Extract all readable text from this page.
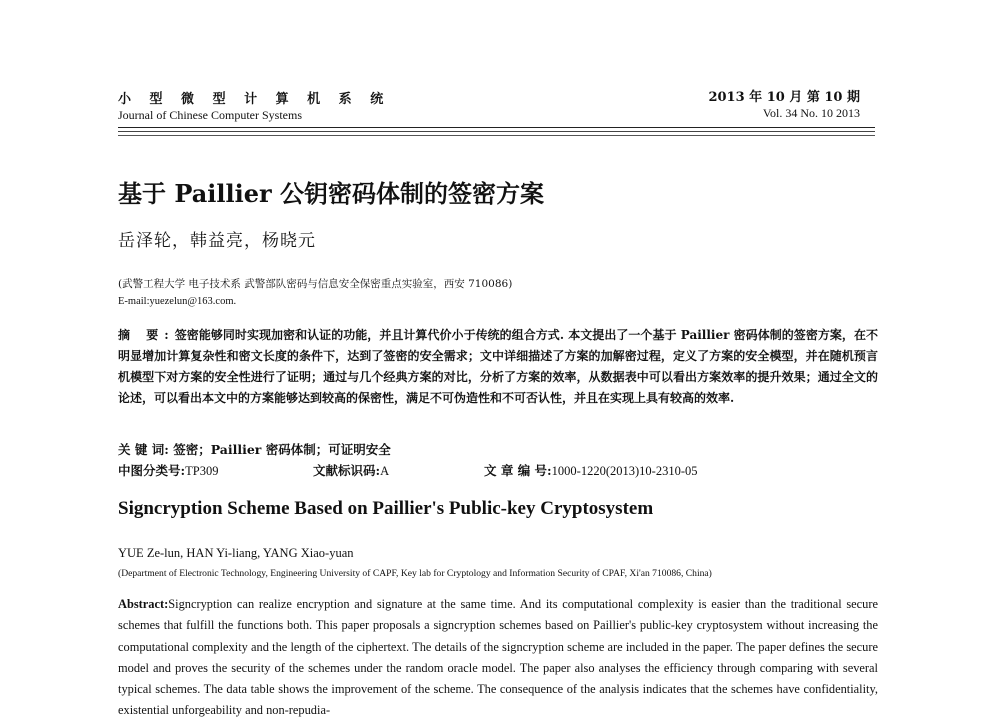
小 型 微 型 计 算 机 系 统
Journal of Chinese Computer Systems
2013 年 10 月 第 10 期
Vol. 34 No. 10 2013
基于 Paillier 公钥密码体制的签密方案
岳泽轮，韩益亮，杨晓元
(武警工程大学 电子技术系 武警部队密码与信息安全保密重点实验室，西安 710086)
E-mail:yuezelun@163.com.
摘 要:签密能够同时实现加密和认证的功能，并且计算代价小于传统的组合方式. 本文提出了一个基于 Paillier 密码体制的签密方案，在不明显增加计算复杂性和密文长度的条件下，达到了签密的安全需求；文中详细描述了方案的加解密过程，定义了方案的安全模型，并在随机预言机模型下对方案的安全性进行了证明；通过与几个经典方案的对比，分析了方案的效率，从数据表中可以看出方案效率的提升效果；通过全文的论述，可以看出本文中的方案能够达到较高的保密性，满足不可伪造性和不可否认性，并且在实现上具有较高的效率.
关 键 词: 签密；Paillier 密码体制；可证明安全
中图分类号:TP309	文献标识码:A	文 章 编 号:1000-1220(2013)10-2310-05
Signcryption Scheme Based on Paillier's Public-key Cryptosystem
YUE Ze-lun, HAN Yi-liang, YANG Xiao-yuan
(Department of Electronic Technology, Engineering University of CAPF, Key lab for Cryptology and Information Security of CPAF, Xi'an 710086, China)
Abstract:Signcryption can realize encryption and signature at the same time. And its computational complexity is easier than the traditional secure schemes that fulfill the functions both. This paper proposals a signcryption schemes based on Paillier's public-key cryptosystem without increasing the computational complexity and the length of the ciphertext. The details of the signcryption scheme are included in the paper. The paper defines the secure model and proves the security of the schemes under the random oracle model. The paper also analyses the efficiency through comparing with several typical schemes. The data table shows the improvement of the scheme. The consequence of the analysis indicates that the schemes have confidentiality, existential unforgeability and non-repudia-
